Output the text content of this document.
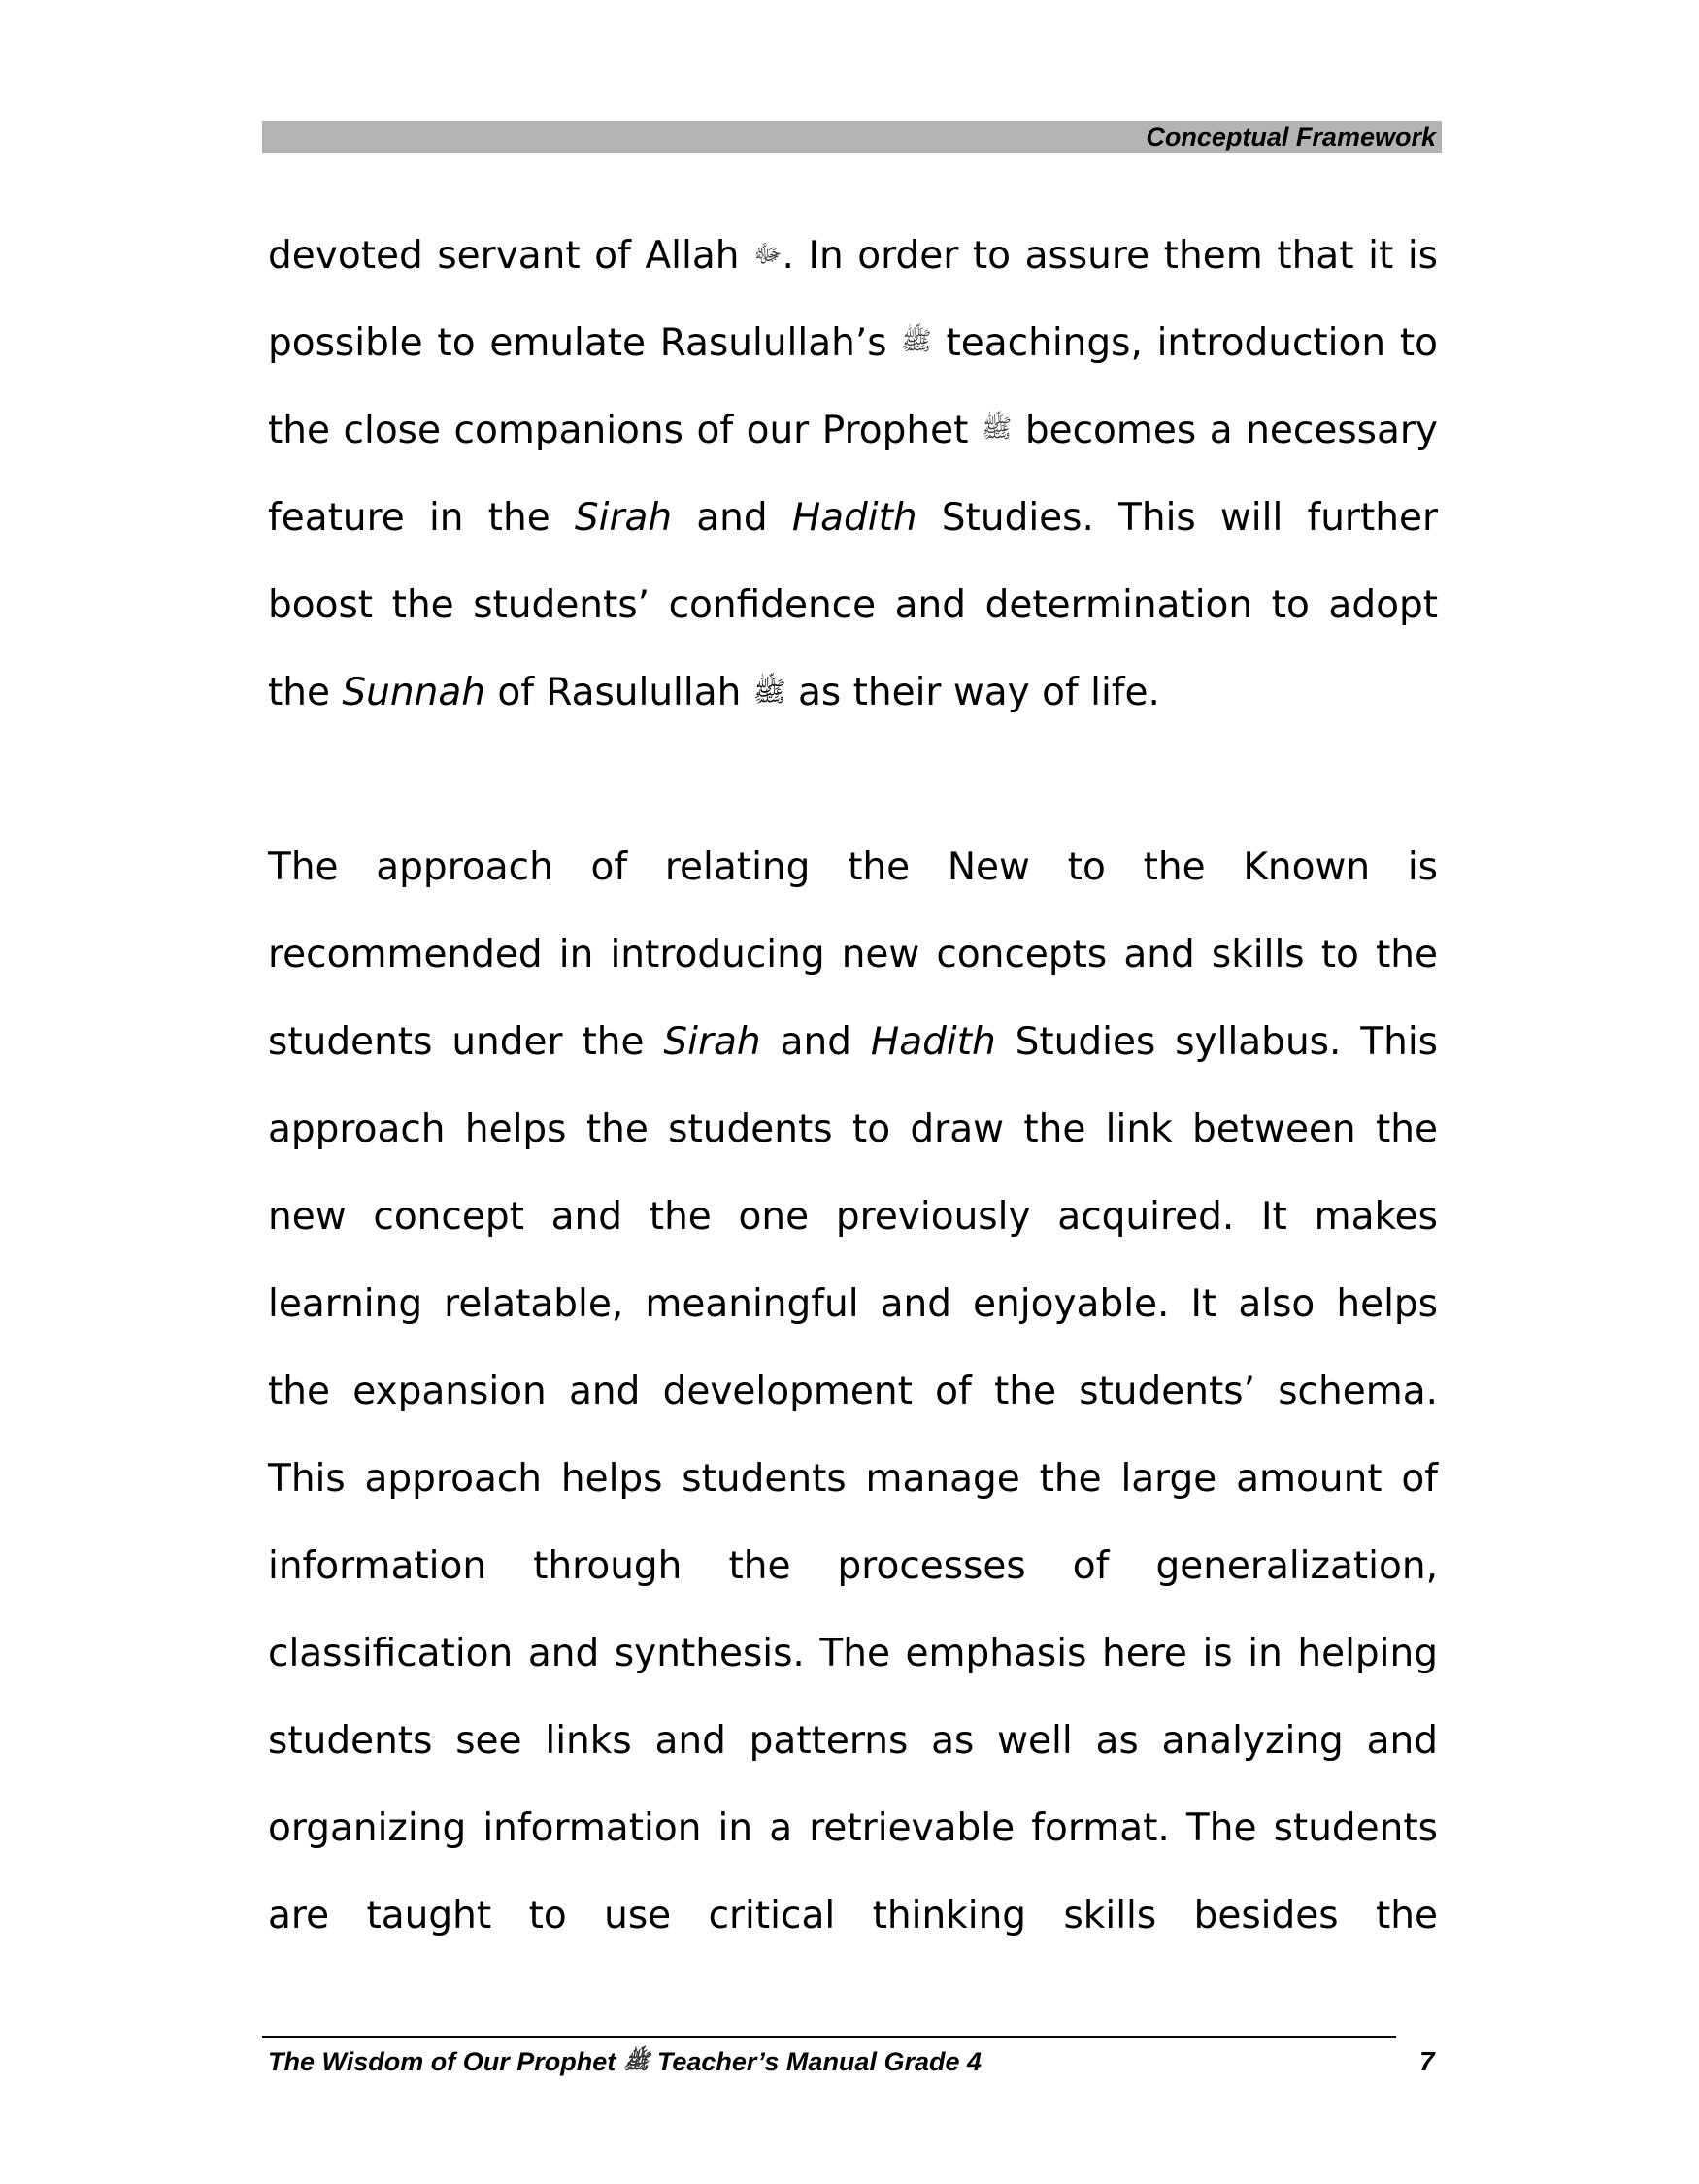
Conceptual Framework

devoted servant of Allah ﷻ. In order to assure them that it is possible to emulate Rasulullah’s ﷺ teachings, introduction to the close companions of our Prophet ﷺ becomes a necessary feature in the Sirah and Hadith Studies. This will further boost the students’ confidence and determination to adopt the Sunnah of Rasulullah ﷺ as their way of life.

The approach of relating the New to the Known is recommended in introducing new concepts and skills to the students under the Sirah and Hadith Studies syllabus. This approach helps the students to draw the link between the new concept and the one previously acquired. It makes learning relatable, meaningful and enjoyable. It also helps the expansion and development of the students’ schema. This approach helps students manage the large amount of information through the processes of generalization, classification and synthesis. The emphasis here is in helping students see links and patterns as well as analyzing and organizing information in a retrievable format. The students are taught to use critical thinking skills besides the

The Wisdom of Our Prophet ﷺ Teacher’s Manual Grade 4	7
